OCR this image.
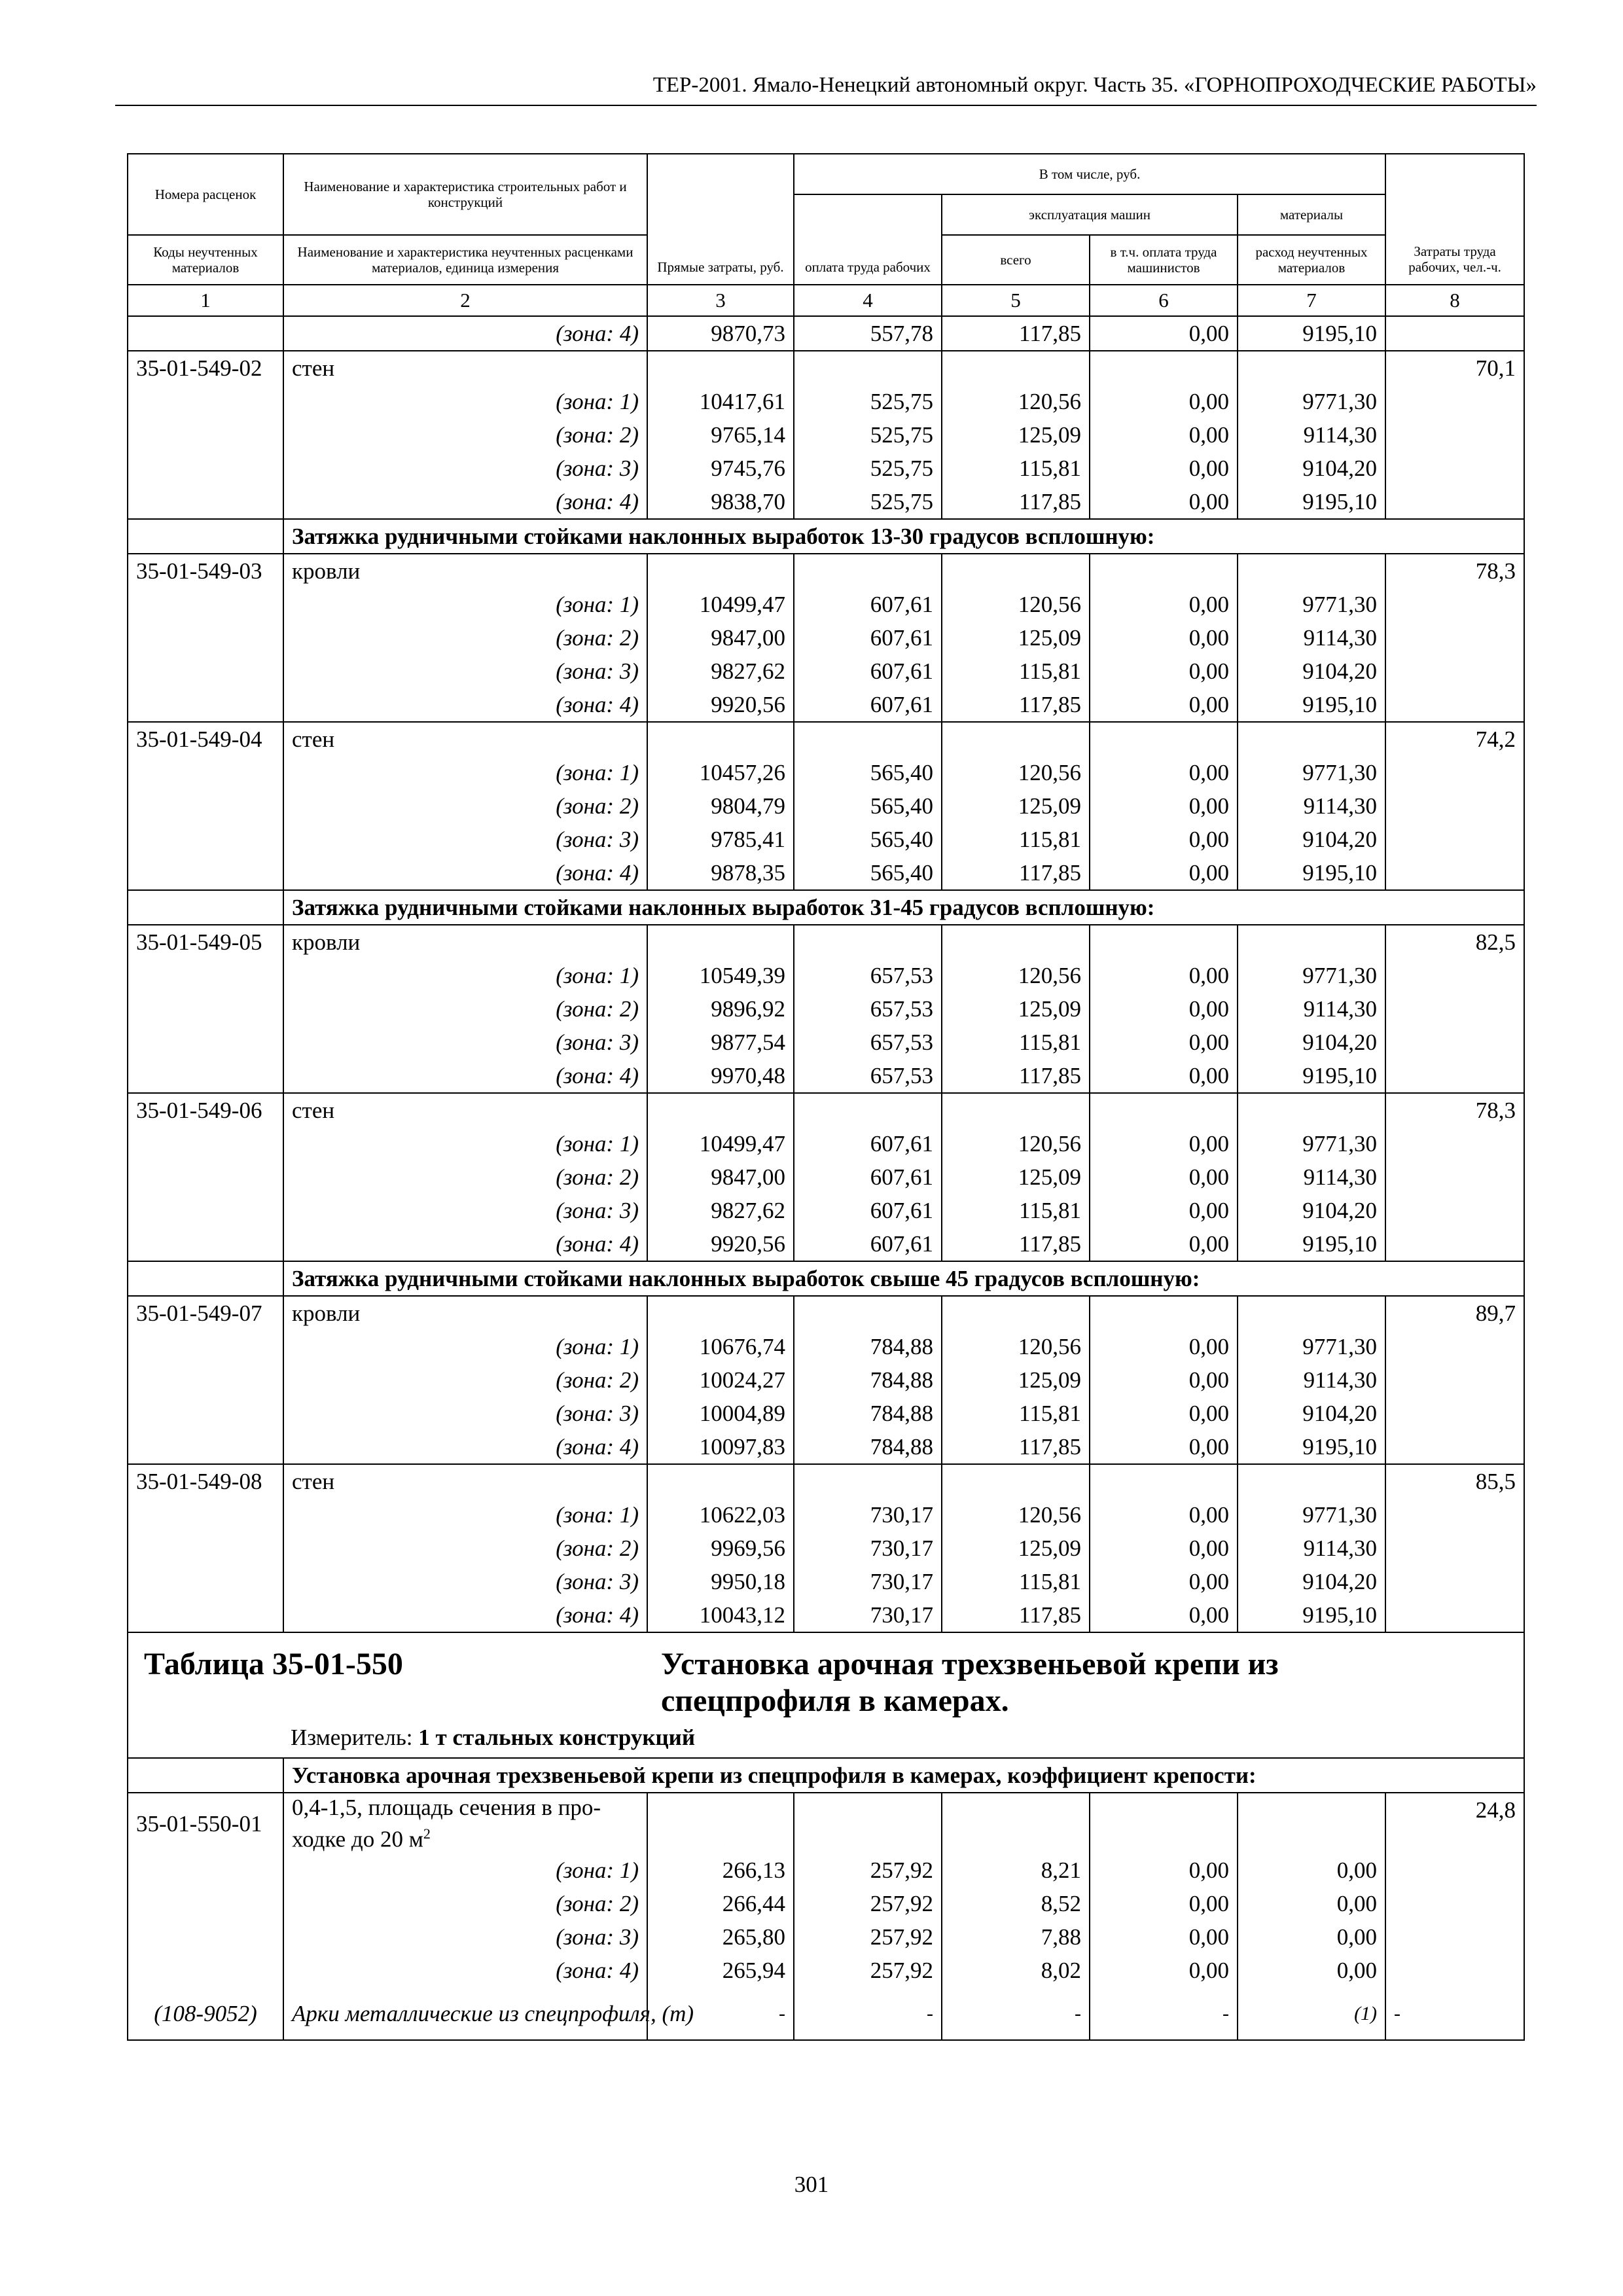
ТЕР-2001. Ямало-Ненецкий автономный округ. Часть 35. «ГОРНОПРОХОДЧЕСКИЕ РАБОТЫ»
Номера расценок	Наименование и характеристика строительных работ и конструкций	Прямые затраты, руб.	В том числе, руб.				Затраты труда рабочих, чел.-ч.
			оплата труда рабочих	эксплуатация машин		материалы	
Коды неучтенных материалов	Наименование и характеристика неучтенных расценками материалов, единица измерения			всего	в т.ч. оплата труда машинистов	расход неучтенных материалов	
1	2	3	4	5	6	7	8
	(зона: 4)	9870,73	557,78	117,85	0,00	9195,10	
35-01-549-02	стен						70,1
	(зона: 1)	10417,61	525,75	120,56	0,00	9771,30	
	(зона: 2)	9765,14	525,75	125,09	0,00	9114,30	
	(зона: 3)	9745,76	525,75	115,81	0,00	9104,20	
	(зона: 4)	9838,70	525,75	117,85	0,00	9195,10	
	Затяжка рудничными стойками наклонных выработок 13-30 градусов всплошную:						
35-01-549-03	кровли						78,3
	(зона: 1)	10499,47	607,61	120,56	0,00	9771,30	
	(зона: 2)	9847,00	607,61	125,09	0,00	9114,30	
	(зона: 3)	9827,62	607,61	115,81	0,00	9104,20	
	(зона: 4)	9920,56	607,61	117,85	0,00	9195,10	
35-01-549-04	стен						74,2
	(зона: 1)	10457,26	565,40	120,56	0,00	9771,30	
	(зона: 2)	9804,79	565,40	125,09	0,00	9114,30	
	(зона: 3)	9785,41	565,40	115,81	0,00	9104,20	
	(зона: 4)	9878,35	565,40	117,85	0,00	9195,10	
	Затяжка рудничными стойками наклонных выработок 31-45 градусов всплошную:						
35-01-549-05	кровли						82,5
	(зона: 1)	10549,39	657,53	120,56	0,00	9771,30	
	(зона: 2)	9896,92	657,53	125,09	0,00	9114,30	
	(зона: 3)	9877,54	657,53	115,81	0,00	9104,20	
	(зона: 4)	9970,48	657,53	117,85	0,00	9195,10	
35-01-549-06	стен						78,3
	(зона: 1)	10499,47	607,61	120,56	0,00	9771,30	
	(зона: 2)	9847,00	607,61	125,09	0,00	9114,30	
	(зона: 3)	9827,62	607,61	115,81	0,00	9104,20	
	(зона: 4)	9920,56	607,61	117,85	0,00	9195,10	
	Затяжка рудничными стойками наклонных выработок свыше 45 градусов всплошную:						
35-01-549-07	кровли						89,7
	(зона: 1)	10676,74	784,88	120,56	0,00	9771,30	
	(зона: 2)	10024,27	784,88	125,09	0,00	9114,30	
	(зона: 3)	10004,89	784,88	115,81	0,00	9104,20	
	(зона: 4)	10097,83	784,88	117,85	0,00	9195,10	
35-01-549-08	стен						85,5
	(зона: 1)	10622,03	730,17	120,56	0,00	9771,30	
	(зона: 2)	9969,56	730,17	125,09	0,00	9114,30	
	(зона: 3)	9950,18	730,17	115,81	0,00	9104,20	
	(зона: 4)	10043,12	730,17	117,85	0,00	9195,10	

Таблица 35-01-550 Установка арочная трехзвеньевой крепи из спецпрофиля в камерах.
Измеритель: 1 т стальных конструкций							

	Установка арочная трехзвеньевой крепи из спецпрофиля в камерах, коэффициент крепости:						
35-01-550-01	0,4-1,5, площадь сечения в про-
ходке до 20 $м^2$						24,8
	(зона: 1)	266,13	257,92	8,21	0,00	0,00	
	(зона: 2)	266,44	257,92	8,52	0,00	0,00	
	(зона: 3)	265,80	257,92	7,88	0,00	0,00	
	(зона: 4)	265,94	257,92	8,02	0,00	0,00	
(108-9052)	Арки металлические из спецпрофиля, (т)	-	-	-	-	(1)	-
301
